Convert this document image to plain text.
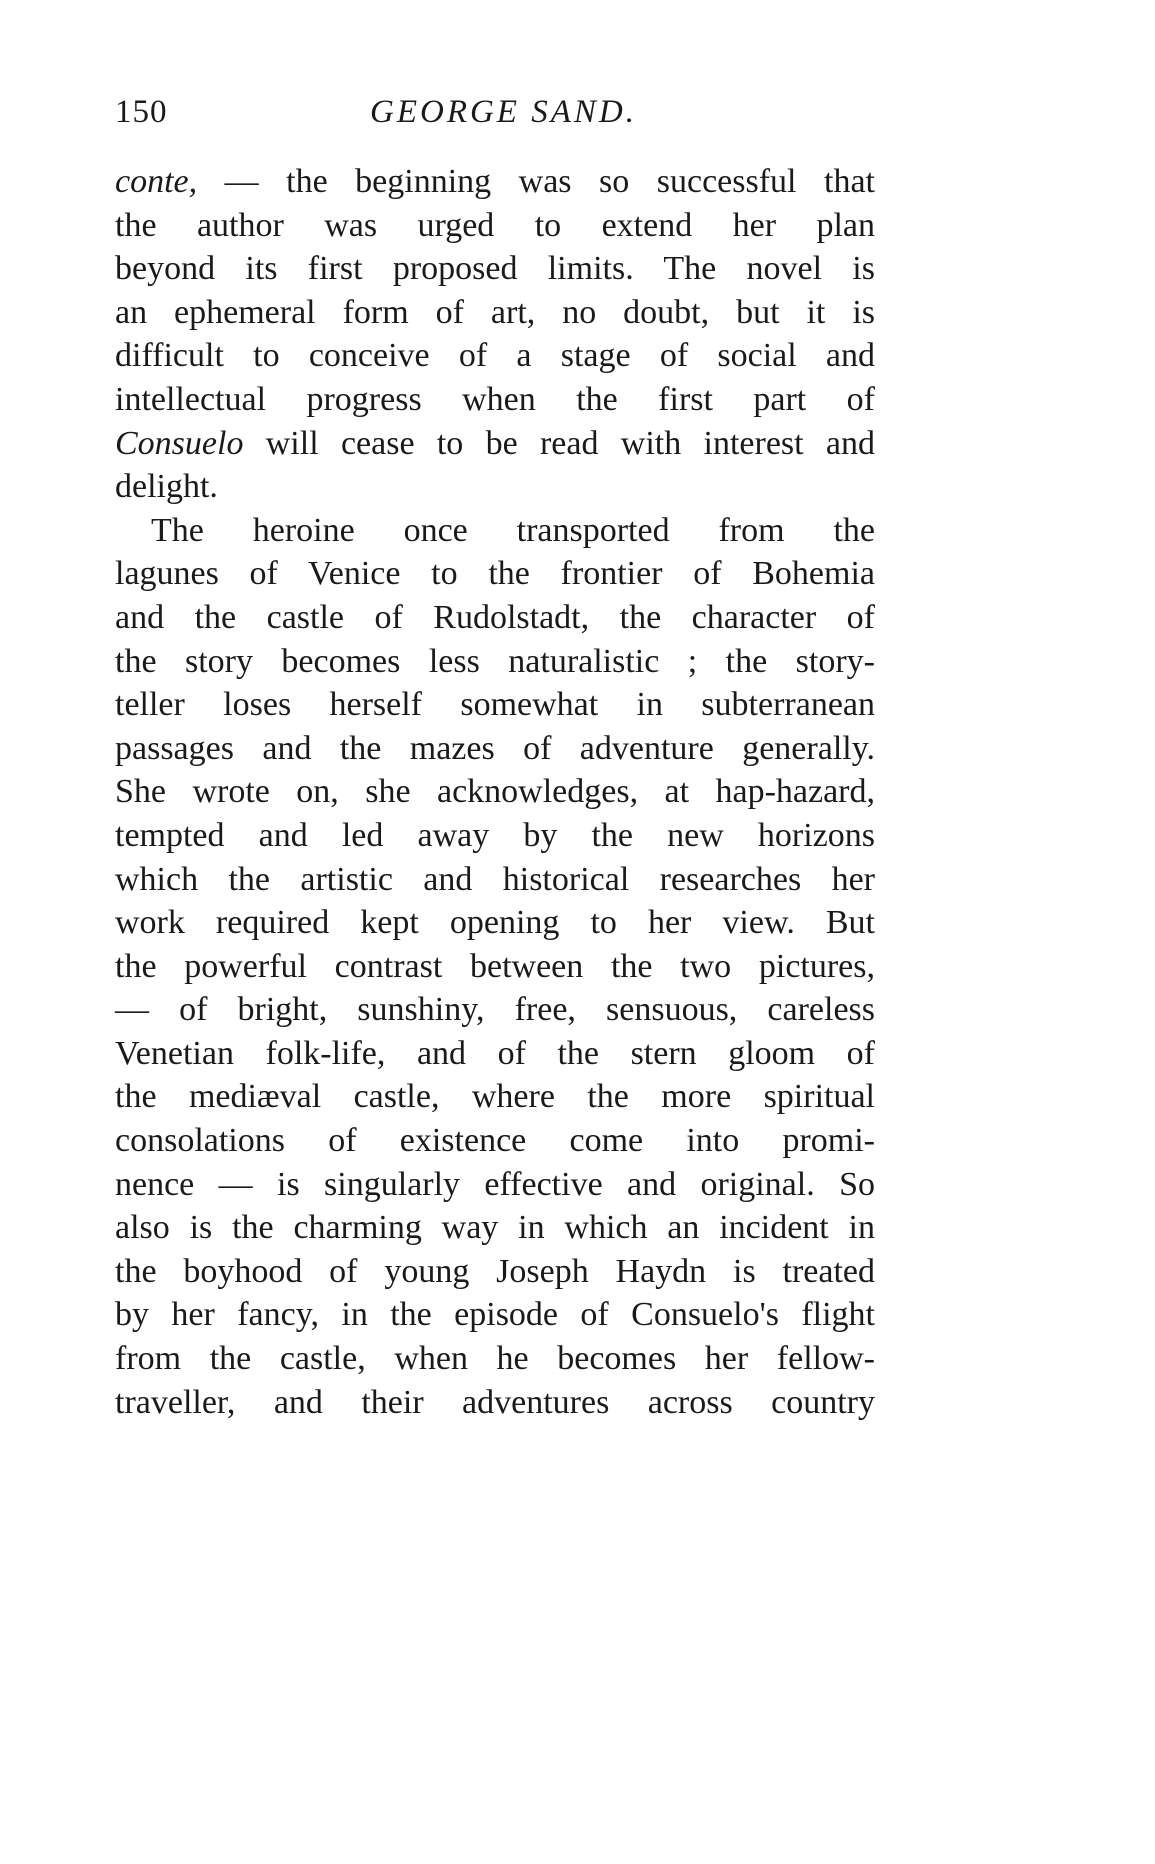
150	GEORGE SAND.
conte, — the beginning was so successful that
the author was urged to extend her plan
beyond its first proposed limits. The novel is
an ephemeral form of art, no doubt, but it is
difficult to conceive of a stage of social and
intellectual progress when the first part of
Consuelo will cease to be read with interest and
delight.
The heroine once transported from the
lagunes of Venice to the frontier of Bohemia
and the castle of Rudolstadt, the character of
the story becomes less naturalistic ; the story-
teller loses herself somewhat in subterranean
passages and the mazes of adventure generally.
She wrote on, she acknowledges, at hap-hazard,
tempted and led away by the new horizons
which the artistic and historical researches her
work required kept opening to her view. But
the powerful contrast between the two pictures,
— of bright, sunshiny, free, sensuous, careless
Venetian folk-life, and of the stern gloom of
the mediæval castle, where the more spiritual
consolations of existence come into promi-
nence — is singularly effective and original. So
also is the charming way in which an incident in
the boyhood of young Joseph Haydn is treated
by her fancy, in the episode of Consuelo's flight
from the castle, when he becomes her fellow-
traveller, and their adventures across country
